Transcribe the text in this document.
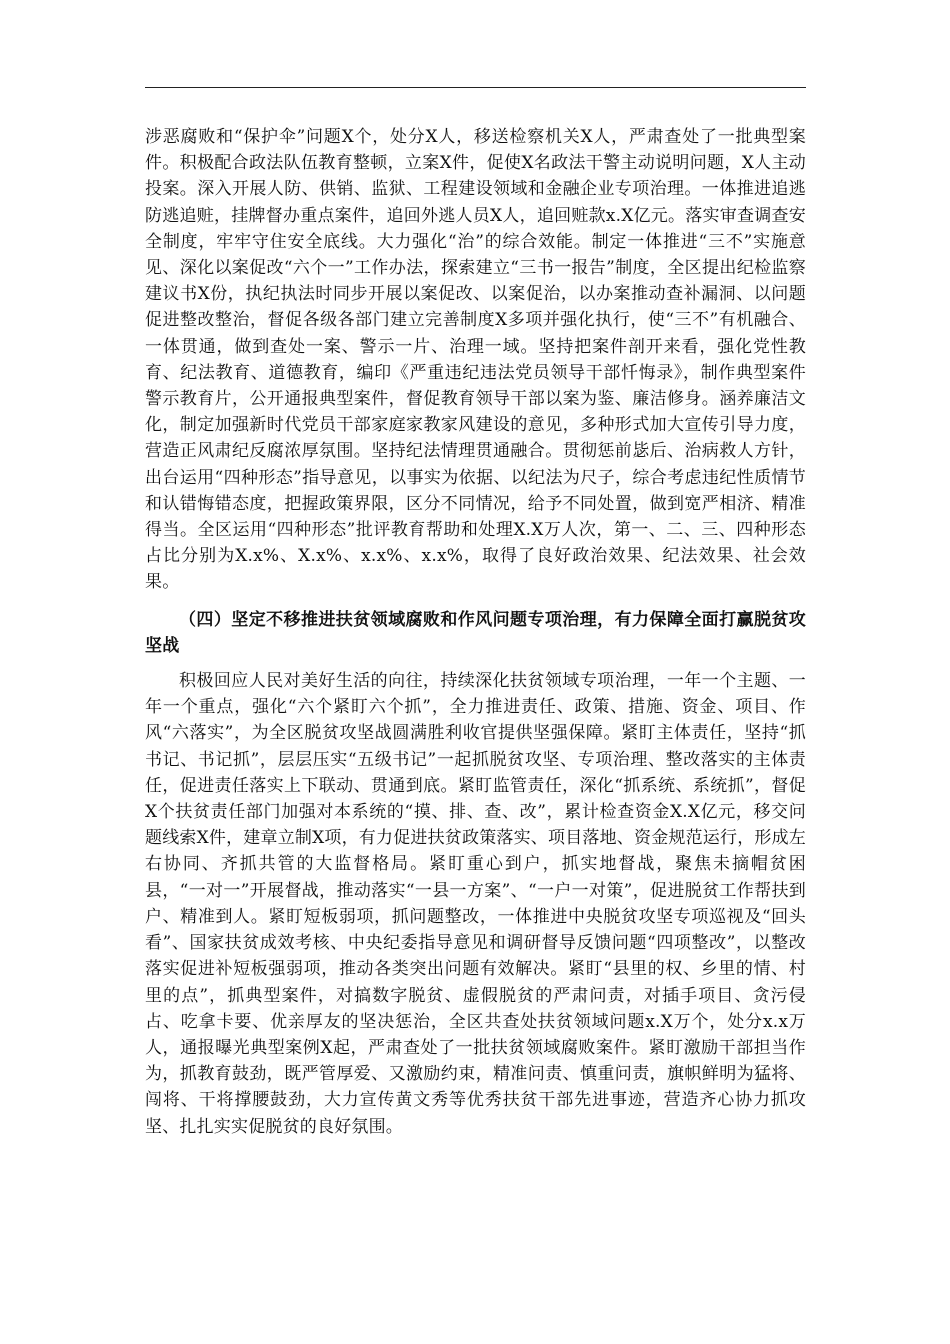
涉恶腐败和“保护伞”问题X个，处分X人，移送检察机关X人，严肃查处了一批典型案件。积极配合政法队伍教育整顿，立案X件，促使X名政法干警主动说明问题，X人主动投案。深入开展人防、供销、监狱、工程建设领域和金融企业专项治理。一体推进追逃防逃追赃，挂牌督办重点案件，追回外逃人员X人，追回赃款x.X亿元。落实审查调查安全制度，牢牢守住安全底线。大力强化“治”的综合效能。制定一体推进“三不”实施意见、深化以案促改“六个一”工作办法，探索建立“三书一报告”制度，全区提出纪检监察建议书X份，执纪执法时同步开展以案促改、以案促治，以办案推动查补漏洞、以问题促进整改整治，督促各级各部门建立完善制度X多项并强化执行，使“三不”有机融合、一体贯通，做到查处一案、警示一片、治理一域。坚持把案件剖开来看，强化党性教育、纪法教育、道德教育，编印《严重违纪违法党员领导干部忏悔录》，制作典型案件警示教育片，公开通报典型案件，督促教育领导干部以案为鉴、廉洁修身。涵养廉洁文化，制定加强新时代党员干部家庭家教家风建设的意见，多种形式加大宣传引导力度，营造正风肃纪反腐浓厚氛围。坚持纪法情理贯通融合。贯彻惩前毖后、治病救人方针，出台运用“四种形态”指导意见，以事实为依据、以纪法为尺子，综合考虑违纪性质情节和认错悔错态度，把握政策界限，区分不同情况，给予不同处置，做到宽严相济、精准得当。全区运用“四种形态”批评教育帮助和处理X.X万人次，第一、二、三、四种形态占比分别为X.x%、X.x%、x.x%、x.x%，取得了良好政治效果、纪法效果、社会效果。

（四）坚定不移推进扶贫领域腐败和作风问题专项治理，有力保障全面打赢脱贫攻坚战

积极回应人民对美好生活的向往，持续深化扶贫领域专项治理，一年一个主题、一年一个重点，强化“六个紧盯六个抓”，全力推进责任、政策、措施、资金、项目、作风“六落实”，为全区脱贫攻坚战圆满胜利收官提供坚强保障。紧盯主体责任，坚持“抓书记、书记抓”，层层压实“五级书记”一起抓脱贫攻坚、专项治理、整改落实的主体责任，促进责任落实上下联动、贯通到底。紧盯监管责任，深化“抓系统、系统抓”，督促X个扶贫责任部门加强对本系统的“摸、排、查、改”，累计检查资金X.X亿元，移交问题线索X件，建章立制X项，有力促进扶贫政策落实、项目落地、资金规范运行，形成左右协同、齐抓共管的大监督格局。紧盯重心到户，抓实地督战，聚焦未摘帽贫困县，“一对一”开展督战，推动落实“一县一方案”、“一户一对策”，促进脱贫工作帮扶到户、精准到人。紧盯短板弱项，抓问题整改，一体推进中央脱贫攻坚专项巡视及“回头看”、国家扶贫成效考核、中央纪委指导意见和调研督导反馈问题“四项整改”，以整改落实促进补短板强弱项，推动各类突出问题有效解决。紧盯“县里的权、乡里的情、村里的点”，抓典型案件，对搞数字脱贫、虚假脱贫的严肃问责，对插手项目、贪污侵占、吃拿卡要、优亲厚友的坚决惩治，全区共查处扶贫领域问题x.X万个，处分x.x万人，通报曝光典型案例X起，严肃查处了一批扶贫领域腐败案件。紧盯激励干部担当作为，抓教育鼓劲，既严管厚爱、又激励约束，精准问责、慎重问责，旗帜鲜明为猛将、闯将、干将撑腰鼓劲，大力宣传黄文秀等优秀扶贫干部先进事迹，营造齐心协力抓攻坚、扎扎实实促脱贫的良好氛围。
